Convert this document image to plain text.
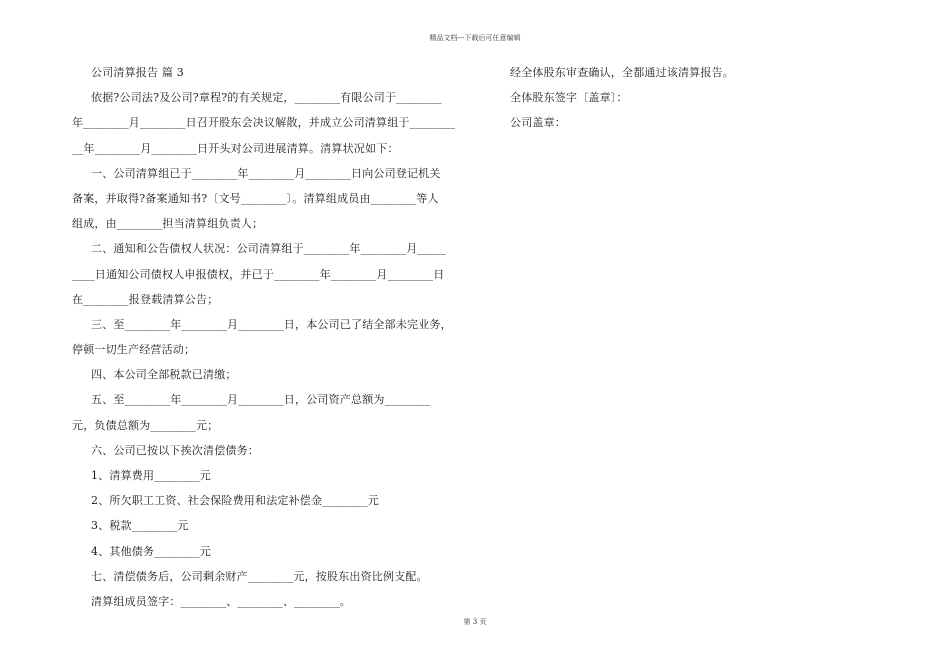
精品文档---下载后可任意编辑
公司清算报告 篇 3
依据?公司法?及公司?章程?的有关规定，________有限公司于________
年________月________日召开股东会决议解散，并成立公司清算组于________
__年________月________日开头对公司进展清算。清算状况如下：
一、公司清算组已于________年________月________日向公司登记机关
备案，并取得?备案通知书?〔文号________〕。清算组成员由________等人
组成，由________担当清算组负责人；
二、通知和公告债权人状况：公司清算组于________年________月_____
____日通知公司债权人申报债权，并已于________年________月________日
在________报登载清算公告；
三、至________年________月________日，本公司已了结全部未完业务，
停顿一切生产经营活动；
四、本公司全部税款已清缴；
五、至________年________月________日，公司资产总额为________
元，负债总额为________元；
六、公司已按以下挨次清偿债务：
1、清算费用________元
2、所欠职工工资、社会保险费用和法定补偿金________元
3、税款________元
4、其他债务________元
七、清偿债务后，公司剩余财产________元，按股东出资比例支配。
清算组成员签字：________、________、________。
经全体股东审查确认，全都通过该清算报告。
全体股东签字〔盖章〕：
公司盖章：
第 3 页
